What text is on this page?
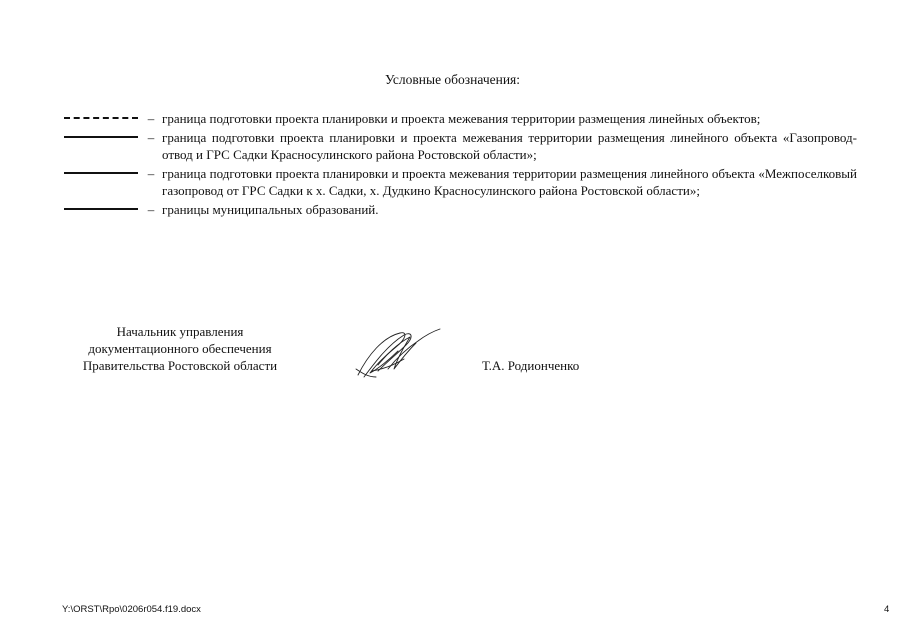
Условные обозначения:
– граница подготовки проекта планировки и проекта межевания территории размещения линейных объектов;
– граница подготовки проекта планировки и проекта межевания территории размещения линейного объекта «Газопровод-отвод и ГРС Садки Красносулинского района Ростовской области»;
– граница подготовки проекта планировки и проекта межевания территории размещения линейного объекта «Межпоселковый газопровод от ГРС Садки к х. Садки, х. Дудкино Красносулинского района Ростовской области»;
– границы муниципальных образований.
Начальник управления
документационного обеспечения
Правительства Ростовской области	Т.А. Родионченко
Y:\ORST\Rpo\0206r054.f19.docx	4
